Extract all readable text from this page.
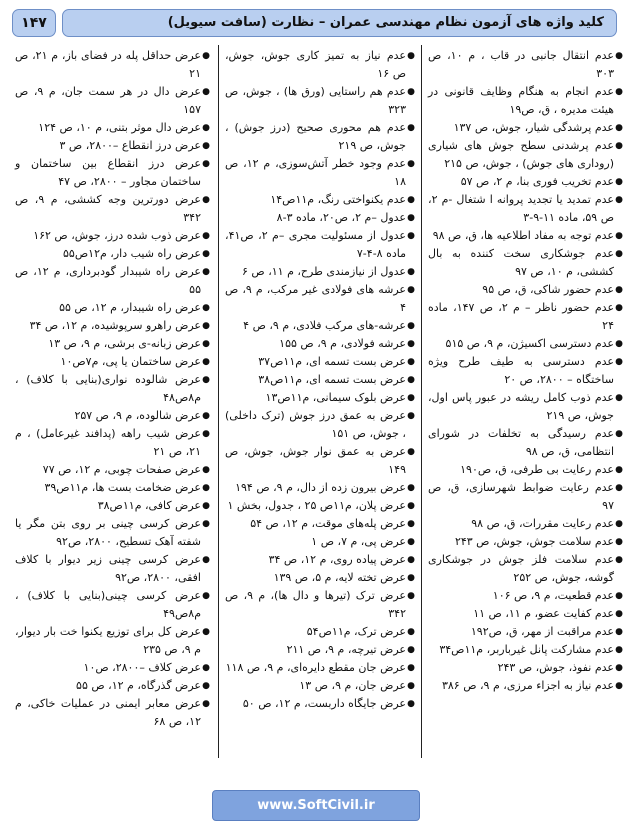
کلید واژه های آزمون نظام مهندسی عمران – نظارت (سافت سیویل)
۱۴۷

●
عدم انتقال جانبی در قاب ، م ۱۰، ص ۳۰۳

●
عدم انجام به هنگام وظایف قانونی در هیئت مدیره ، ق، ص۱۹

●
عدم پرشدگی شیار، جوش، ص ۱۳۷

●
عدم پرشدنی سطح جوش های شیاری (روداری های جوش) ، جوش، ص ۲۱۵

●
عدم تخریب فوری بنا، م ۲، ص ۵۷

●
عدم تمدید یا تجدید پروانه ا شتغال -م ۲، ص ۵۹، ماده ۱۱-۹-۳

●
عدم توجه به مفاد اطلاعیه ها، ق، ص ۹۸

●
عدم جوشکاری سخت کننده به بال کششی، م ۱۰، ص ۹۷

●
عدم حضور شاکی، ق، ص ۹۵

●
عدم حضور ناظر – م ۲، ص ۱۴۷، ماده ۲۴

●
عدم دسترسی اکسیژن، م ۹، ص ۵۱۵

●
عدم دسترسی به طیف طرح ویژه ساختگاه – ۲۸۰۰، ص ۲۰

●
عدم ذوب کامل ریشه در عبور پاس اول، جوش، ص ۲۱۹

●
عدم رسیدگی به تخلفات در شورای انتظامی، ق، ص ۹۸

●
عدم رعایت بی طرفی، ق، ص۱۹۰

●
عدم رعایت ضوابط شهرسازی، ق، ص ۹۷

●
عدم رعایت مقررات، ق، ص ۹۸

●
عدم سلامت جوش، جوش، ص ۲۴۳

●
عدم سلامت فلز جوش در جوشکاری گوشه، جوش، ص ۲۵۲

●
عدم قطعیت، م ۹، ص ۱۰۶

●
عدم کفایت عضو، م ۱۱، ص ۱۱

●
عدم مراقبت از مهر، ق، ص۱۹۲

●
عدم مشارکت پانل غیرباربر، م۱۱ص۳۴

●
عدم نفوذ، جوش، ص ۲۴۳

●
عدم نیاز به اجزاء مرزی، م ۹، ص ۳۸۶

●
عدم نیاز به تمیز کاری جوش، جوش، ص ۱۶

●
عدم هم راستایی (ورق ها) ، جوش، ص ۳۲۳

●
عدم هم محوری صحیح (درز جوش) ، جوش، ص ۲۱۹

●
عدم وجود خطر آتش‌سوزی، م ۱۲، ص ۱۸

●
عدم یکنواختی رنگ، م۱۱ص۱۴

●
عدول –م ۲، ص۲۰، ماده ۳-۸

●
عدول از مسئولیت مجری –م ۲، ص۴۱، ماده ۸-۴-۷

●
عدول از نیازمندی طرح، م ۱۱، ص ۶

●
عرشه های فولادی غیر مرکب، م ۹، ص ۴

●
عرشه-های مرکب فلادی، م ۹، ص ۴

●
عرشه فولادی، م ۹، ص ۱۵۵

●
عرض بست تسمه ای، م۱۱ص۳۷

●
عرض بست تسمه ای، م۱۱ص۳۸

●
عرض بلوک سیمانی، م۱۱ص۱۳

●
عرض به عمق درز جوش (ترک داخلی) ، جوش، ص ۱۵۱

●
عرض به عمق نوار جوش، جوش، ص ۱۴۹

●
عرض بیرون زده از دال، م ۹، ص ۱۹۴

●
عرض پلان، م۱۱ص ۲۵ ، جدول، بخش ۱

●
عرض پله‌های موقت، م ۱۲، ص ۵۴

●
عرض پی، م ۷، ص ۱

●
عرض پیاده روی، م ۱۲، ص ۳۴

●
عرض تخته لایه، م ۵، ص ۱۳۹

●
عرض ترک (تیرها و دال ها)، م ۹، ص ۳۴۲

●
عرض ترک، م۱۱ص۵۴

●
عرض تیرچه، م ۹، ص ۲۱۱

●
عرض جان مقطع دایره‌ای، م ۹، ص ۱۱۸

●
عرض جان، م ۹، ص ۱۳

●
عرض جایگاه داربست، م ۱۲، ص ۵۰

●
عرض حداقل پله در فضای باز، م ۲۱، ص ۲۱

●
عرض دال در هر سمت جان، م ۹، ص ۱۵۷

●
عرض دال موثر بتنی، م ۱۰، ص ۱۲۴

●
عرض درز انقطاع –۲۸۰۰، ص ۳

●
عرض درز انقطاع بین ساختمان و ساختمان مجاور – ۲۸۰۰، ص ۴۷

●
عرض دورترین وجه کششی، م ۹، ص ۳۴۲

●
عرض ذوب شده درز، جوش، ص ۱۶۲

●
عرض راه شیب دار، م۱۲ص۵۵

●
عرض راه شیبدار گودبرداری، م ۱۲، ص ۵۵

●
عرض راه شیبدار، م ۱۲، ص ۵۵

●
عرض راهرو سرپوشیده، م ۱۲، ص ۳۴

●
عرض زبانه-ی برشی، م ۹، ص ۱۳

●
عرض ساختمان یا پی، م۷ص۱۰

●
عرض شالوده نواری(بنایی با کلاف) ، م۸ص۴۸

●
عرض شالوده، م ۹، ص ۲۵۷

●
عرض شیب راهه (پدافند غیرعامل) ، م ۲۱، ص ۲۱

●
عرض صفحات چوبی، م ۱۲، ص ۷۷

●
عرض ضخامت بست ها، م۱۱ص۳۹

●
عرض کافی، م۱۱ص۳۸

●
عرض کرسی چینی بر روی بتن مگر یا شفته آهک تسطیح، ۲۸۰۰، ص۹۲

●
عرض کرسی چینی زیر دیوار با کلاف افقی، ۲۸۰۰، ص۹۲

●
عرض کرسی چینی(بنایی با کلاف) ، م۸ص۴۹

●
عرض کل برای توزیع یکنوا خت بار دیوار، م ۹، ص ۲۳۵

●
عرض کلاف –۲۸۰۰، ص۱۰

●
عرض گذرگاه، م ۱۲، ص ۵۵

●
عرض معابر ایمنی در عملیات خاکی، م ۱۲، ص ۶۸

www.SoftCivil.ir
